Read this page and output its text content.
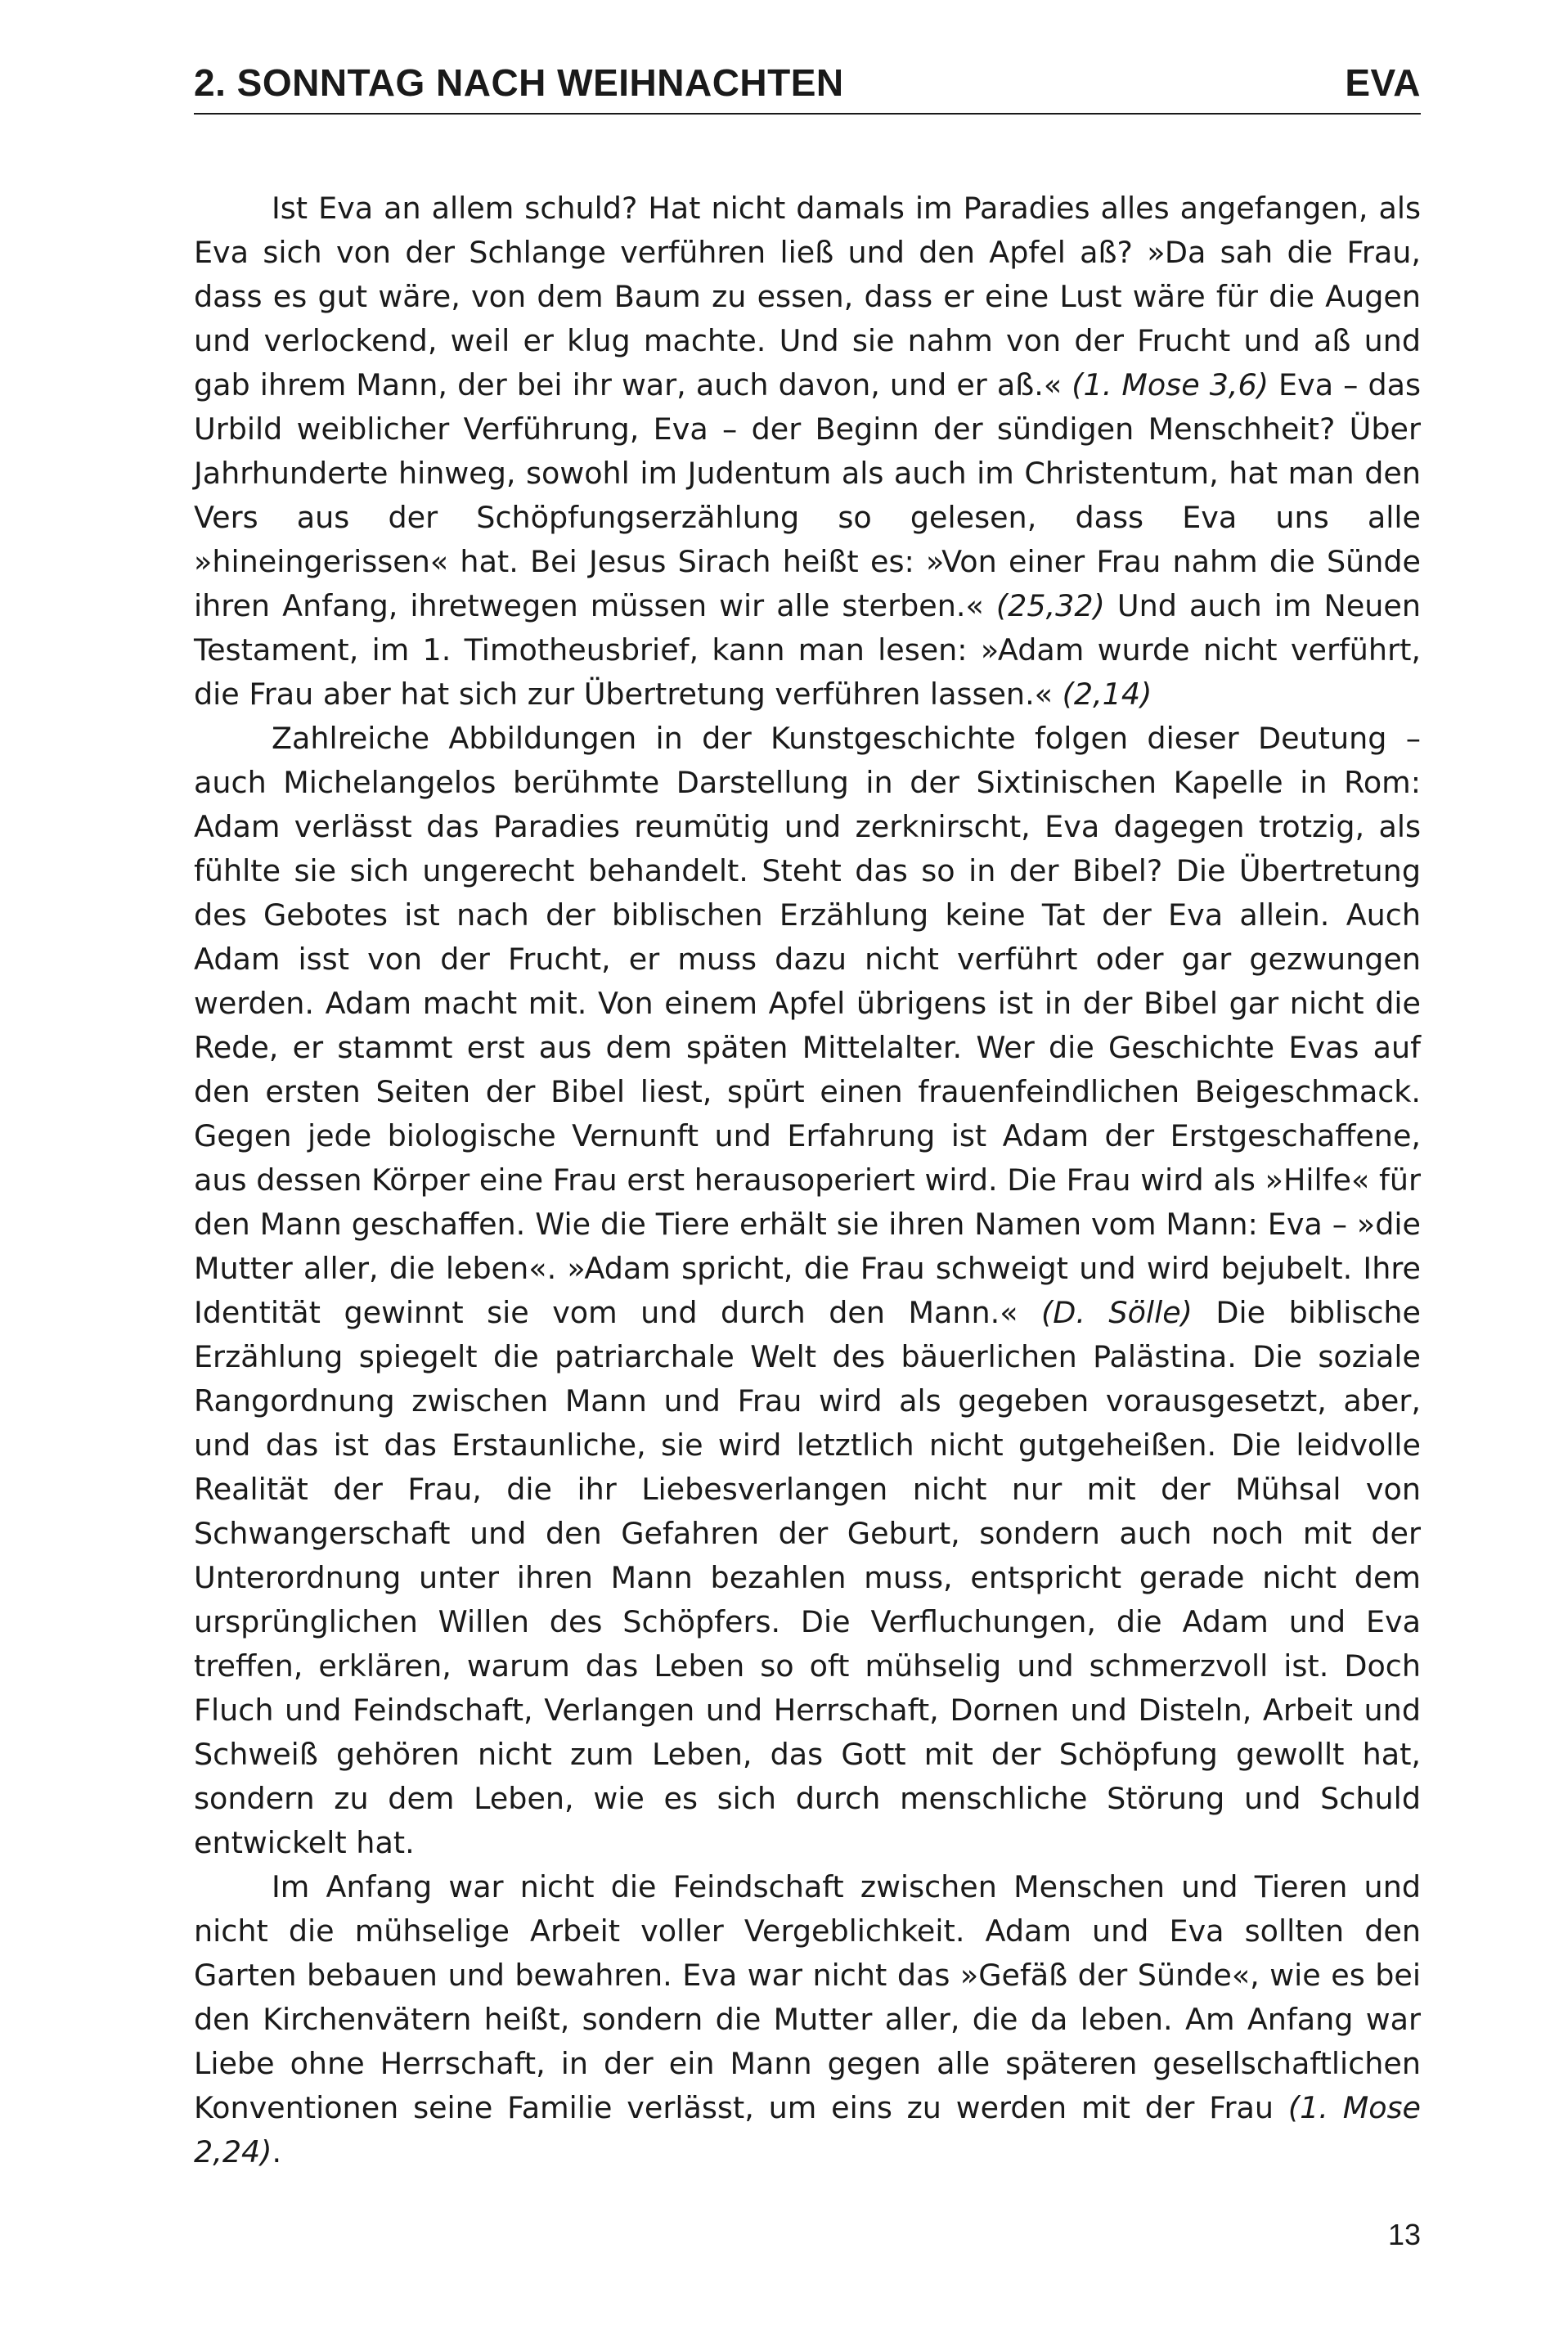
2. SONNTAG NACH WEIHNACHTEN	EVA

Ist Eva an allem schuld? Hat nicht damals im Paradies alles angefangen, als Eva sich von der Schlange verführen ließ und den Apfel aß? »Da sah die Frau, dass es gut wäre, von dem Baum zu essen, dass er eine Lust wäre für die Augen und verlockend, weil er klug machte. Und sie nahm von der Frucht und aß und gab ihrem Mann, der bei ihr war, auch davon, und er aß.« (1. Mose 3,6) Eva – das Urbild weiblicher Verführung, Eva – der Beginn der sündigen Menschheit? Über Jahrhunderte hinweg, sowohl im Judentum als auch im Christentum, hat man den Vers aus der Schöpfungserzählung so gelesen, dass Eva uns alle »hineingerissen« hat. Bei Jesus Sirach heißt es: »Von einer Frau nahm die Sünde ihren Anfang, ihretwegen müssen wir alle sterben.« (25,32) Und auch im Neuen Testament, im 1. Timotheusbrief, kann man lesen: »Adam wurde nicht verführt, die Frau aber hat sich zur Übertretung verführen lassen.« (2,14)

Zahlreiche Abbildungen in der Kunstgeschichte folgen dieser Deutung – auch Michelangelos berühmte Darstellung in der Sixtinischen Kapelle in Rom: Adam verlässt das Paradies reumütig und zerknirscht, Eva dagegen trotzig, als fühlte sie sich ungerecht behandelt. Steht das so in der Bibel? Die Übertretung des Gebotes ist nach der biblischen Erzählung keine Tat der Eva allein. Auch Adam isst von der Frucht, er muss dazu nicht verführt oder gar gezwungen werden. Adam macht mit. Von einem Apfel übrigens ist in der Bibel gar nicht die Rede, er stammt erst aus dem späten Mittelalter. Wer die Geschichte Evas auf den ersten Seiten der Bibel liest, spürt einen frauenfeindlichen Beigeschmack. Gegen jede biologische Vernunft und Erfahrung ist Adam der Erstgeschaffene, aus dessen Körper eine Frau erst herausoperiert wird. Die Frau wird als »Hilfe« für den Mann geschaffen. Wie die Tiere erhält sie ihren Namen vom Mann: Eva – »die Mutter aller, die leben«. »Adam spricht, die Frau schweigt und wird bejubelt. Ihre Identität gewinnt sie vom und durch den Mann.« (D. Sölle) Die biblische Erzählung spiegelt die patriarchale Welt des bäuerlichen Palästina. Die soziale Rangordnung zwischen Mann und Frau wird als gegeben vorausgesetzt, aber, und das ist das Erstaunliche, sie wird letztlich nicht gutgeheißen. Die leidvolle Realität der Frau, die ihr Liebesverlangen nicht nur mit der Mühsal von Schwangerschaft und den Gefahren der Geburt, sondern auch noch mit der Unterordnung unter ihren Mann bezahlen muss, entspricht gerade nicht dem ursprünglichen Willen des Schöpfers. Die Verfluchungen, die Adam und Eva treffen, erklären, warum das Leben so oft mühselig und schmerzvoll ist. Doch Fluch und Feindschaft, Verlangen und Herrschaft, Dornen und Disteln, Arbeit und Schweiß gehören nicht zum Leben, das Gott mit der Schöpfung gewollt hat, sondern zu dem Leben, wie es sich durch menschliche Störung und Schuld entwickelt hat.

Im Anfang war nicht die Feindschaft zwischen Menschen und Tieren und nicht die mühselige Arbeit voller Vergeblichkeit. Adam und Eva sollten den Garten bebauen und bewahren. Eva war nicht das »Gefäß der Sünde«, wie es bei den Kirchenvätern heißt, sondern die Mutter aller, die da leben. Am Anfang war Liebe ohne Herrschaft, in der ein Mann gegen alle späteren gesellschaftlichen Konventionen seine Familie verlässt, um eins zu werden mit der Frau (1. Mose 2,24).

13
